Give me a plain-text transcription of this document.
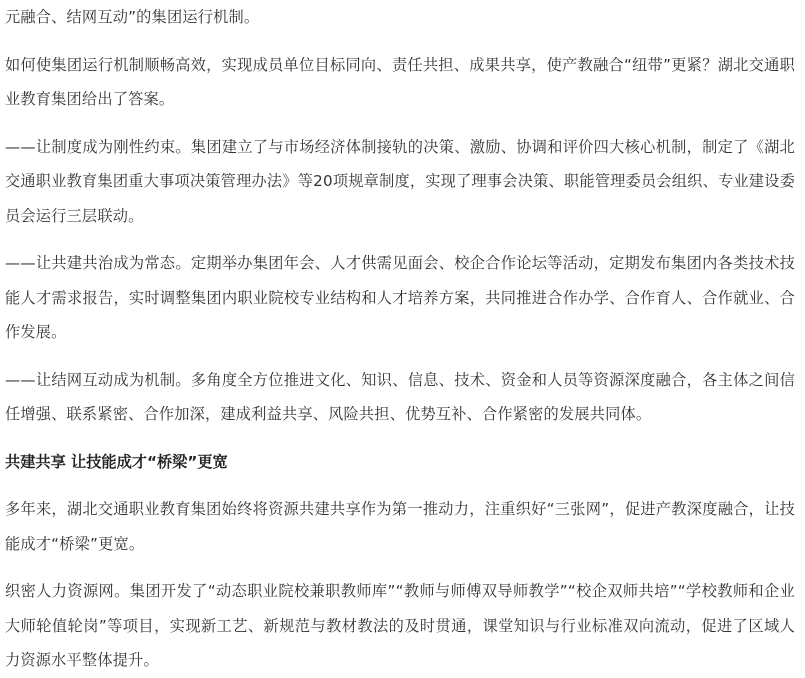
元融合、结网互动”的集团运行机制。

如何使集团运行机制顺畅高效，实现成员单位目标同向、责任共担、成果共享，使产教融合“纽带”更紧？湖北交通职业教育集团给出了答案。

——让制度成为刚性约束。集团建立了与市场经济体制接轨的决策、激励、协调和评价四大核心机制，制定了《湖北交通职业教育集团重大事项决策管理办法》等20项规章制度，实现了理事会决策、职能管理委员会组织、专业建设委员会运行三层联动。

——让共建共治成为常态。定期举办集团年会、人才供需见面会、校企合作论坛等活动，定期发布集团内各类技术技能人才需求报告，实时调整集团内职业院校专业结构和人才培养方案，共同推进合作办学、合作育人、合作就业、合作发展。

——让结网互动成为机制。多角度全方位推进文化、知识、信息、技术、资金和人员等资源深度融合，各主体之间信任增强、联系紧密、合作加深，建成利益共享、风险共担、优势互补、合作紧密的发展共同体。

共建共享 让技能成才“桥梁”更宽

多年来，湖北交通职业教育集团始终将资源共建共享作为第一推动力，注重织好“三张网”，促进产教深度融合，让技能成才“桥梁”更宽。

织密人力资源网。集团开发了“动态职业院校兼职教师库”“教师与师傅双导师教学”“校企双师共培”“学校教师和企业大师轮值轮岗”等项目，实现新工艺、新规范与教材教法的及时贯通，课堂知识与行业标准双向流动，促进了区域人力资源水平整体提升。
